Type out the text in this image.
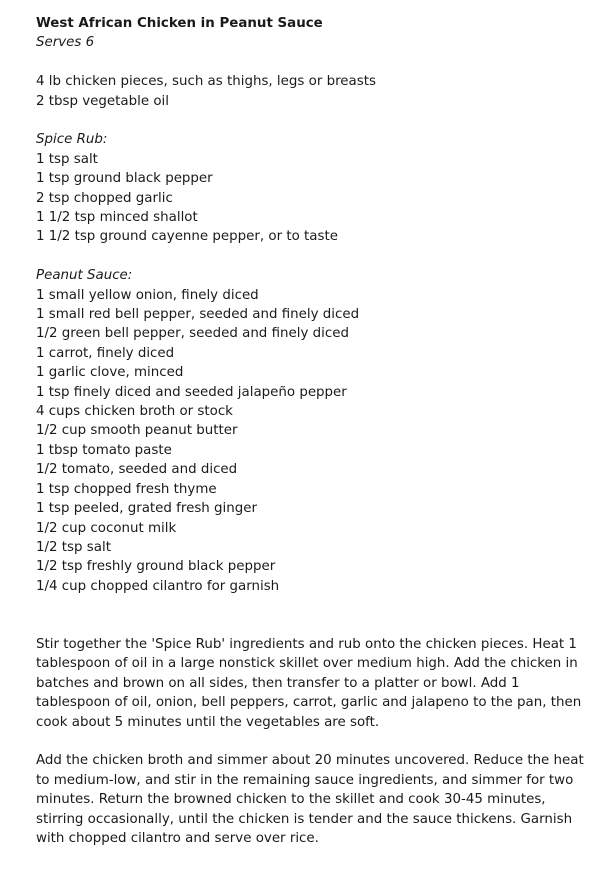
West African Chicken in Peanut Sauce

Serves 6

4 lb chicken pieces, such as thighs, legs or breasts
2 tbsp vegetable oil

Spice Rub:

1 tsp salt
1 tsp ground black pepper
2 tsp chopped garlic
1 1/2 tsp minced shallot
1 1/2 tsp ground cayenne pepper, or to taste

Peanut Sauce:

1 small yellow onion, finely diced
1 small red bell pepper, seeded and finely diced
1/2 green bell pepper, seeded and finely diced
1 carrot, finely diced
1 garlic clove, minced
1 tsp finely diced and seeded jalapeño pepper
4 cups chicken broth or stock
1/2 cup smooth peanut butter
1 tbsp tomato paste
1/2 tomato, seeded and diced
1 tsp chopped fresh thyme
1 tsp peeled, grated fresh ginger
1/2 cup coconut milk
1/2 tsp salt
1/2 tsp freshly ground black pepper
1/4 cup chopped cilantro for garnish

Stir together the 'Spice Rub' ingredients and rub onto the chicken pieces. Heat 1 tablespoon of oil in a large nonstick skillet over medium high. Add the chicken in batches and brown on all sides, then transfer to a platter or bowl. Add 1 tablespoon of oil, onion, bell peppers, carrot, garlic and jalapeno to the pan, then cook about 5 minutes until the vegetables are soft.

Add the chicken broth and simmer about 20 minutes uncovered. Reduce the heat to medium-low, and stir in the remaining sauce ingredients, and simmer for two minutes. Return the browned chicken to the skillet and cook 30-45 minutes, stirring occasionally, until the chicken is tender and the sauce thickens. Garnish with chopped cilantro and serve over rice.
